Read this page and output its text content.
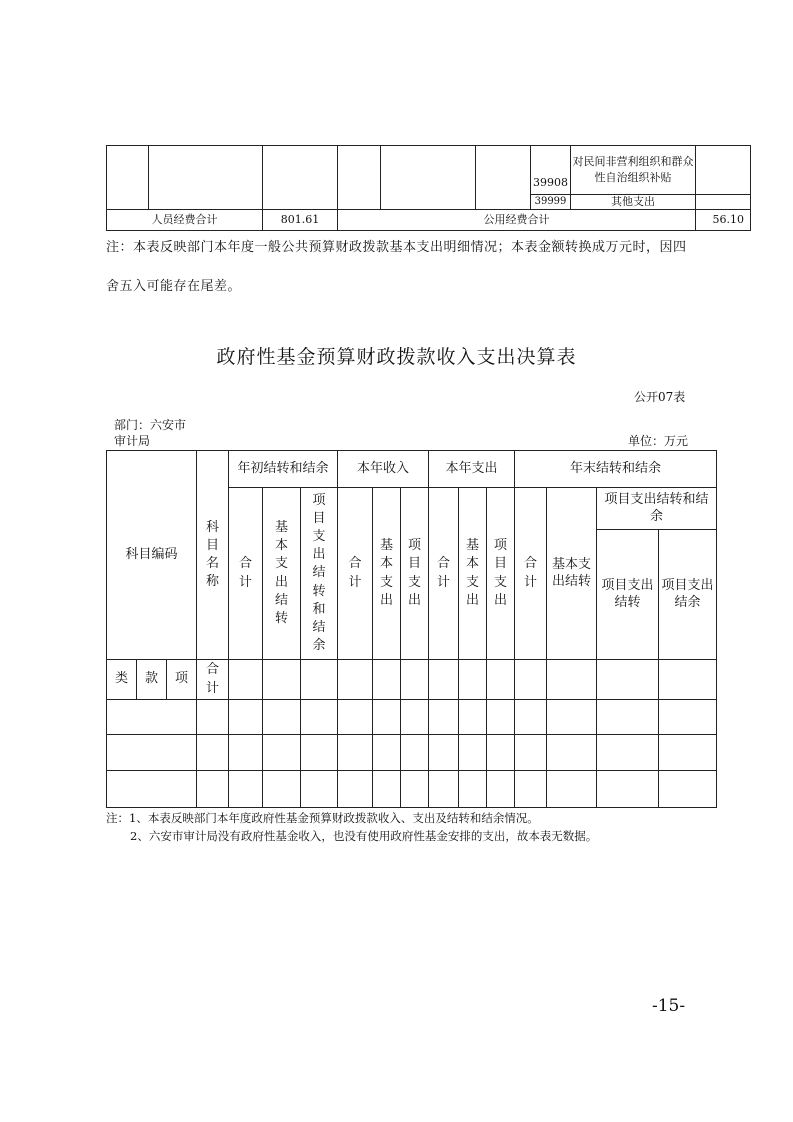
						39908	对民间非营利组织和群众性自治组织补贴	
						39999	其他支出	
人员经费合计		801.61	公用经费合计					56.10
注：本表反映部门本年度一般公共预算财政拨款基本支出明细情况；本表金额转换成万元时，因四
舍五入可能存在尾差。
政府性基金预算财政拨款收入支出决算表
公开07表
部门：六安市
审计局	单位：万元
科目编码			科目名称	年初结转和结余			本年收入			本年支出			年末结转和结余			
				合计	基本支出结转	项目支出结转和结余	合计	基本支出	项目支出	合计	基本支出	项目支出	合计	基本支出结转	项目支出结转和结余	
															项目支出结转	项目支出结余
类	款	项	合计													

注：1、本表反映部门本年度政府性基金预算财政拨款收入、支出及结转和结余情况。
2、六安市审计局没有政府性基金收入，也没有使用政府性基金安排的支出，故本表无数据。
-15-
